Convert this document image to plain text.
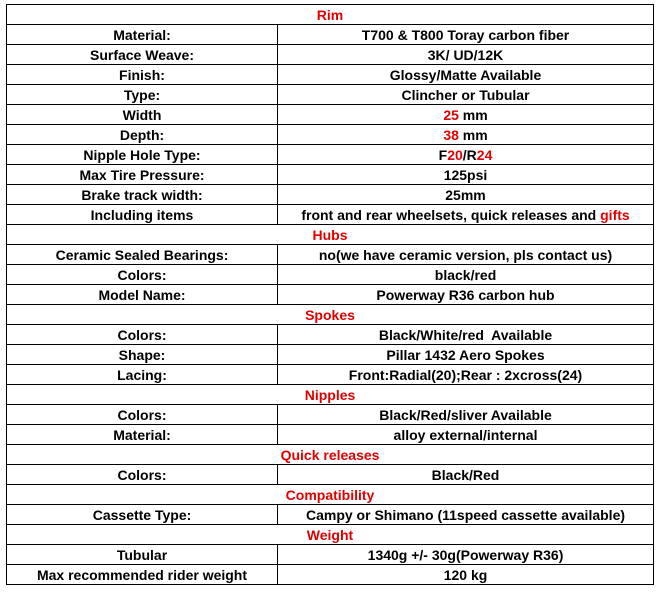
Rim	
Material:	T700 & T800 Toray carbon fiber
Surface Weave:	3K/ UD/12K
Finish:	Glossy/Matte Available
Type:	Clincher or Tubular
Width	25 mm
Depth:	38 mm
Nipple Hole Type:	F20/R24
Max Tire Pressure:	125psi
Brake track width:	25mm
Including items	front and rear wheelsets, quick releases and gifts
Hubs	
Ceramic Sealed Bearings:	no(we have ceramic version, pls contact us)
Colors:	black/red
Model Name:	Powerway R36 carbon hub
Spokes	
Colors:	Black/White/red  Available
Shape:	Pillar 1432 Aero Spokes
Lacing:	Front:Radial(20);Rear : 2xcross(24)
Nipples	
Colors:	Black/Red/sliver Available
Material:	alloy external/internal
Quick releases	
Colors:	Black/Red
Compatibility	
Cassette Type:	Campy or Shimano (11speed cassette available)
Weight	
Tubular	1340g +/- 30g(Powerway R36)
Max recommended rider weight	120 kg
